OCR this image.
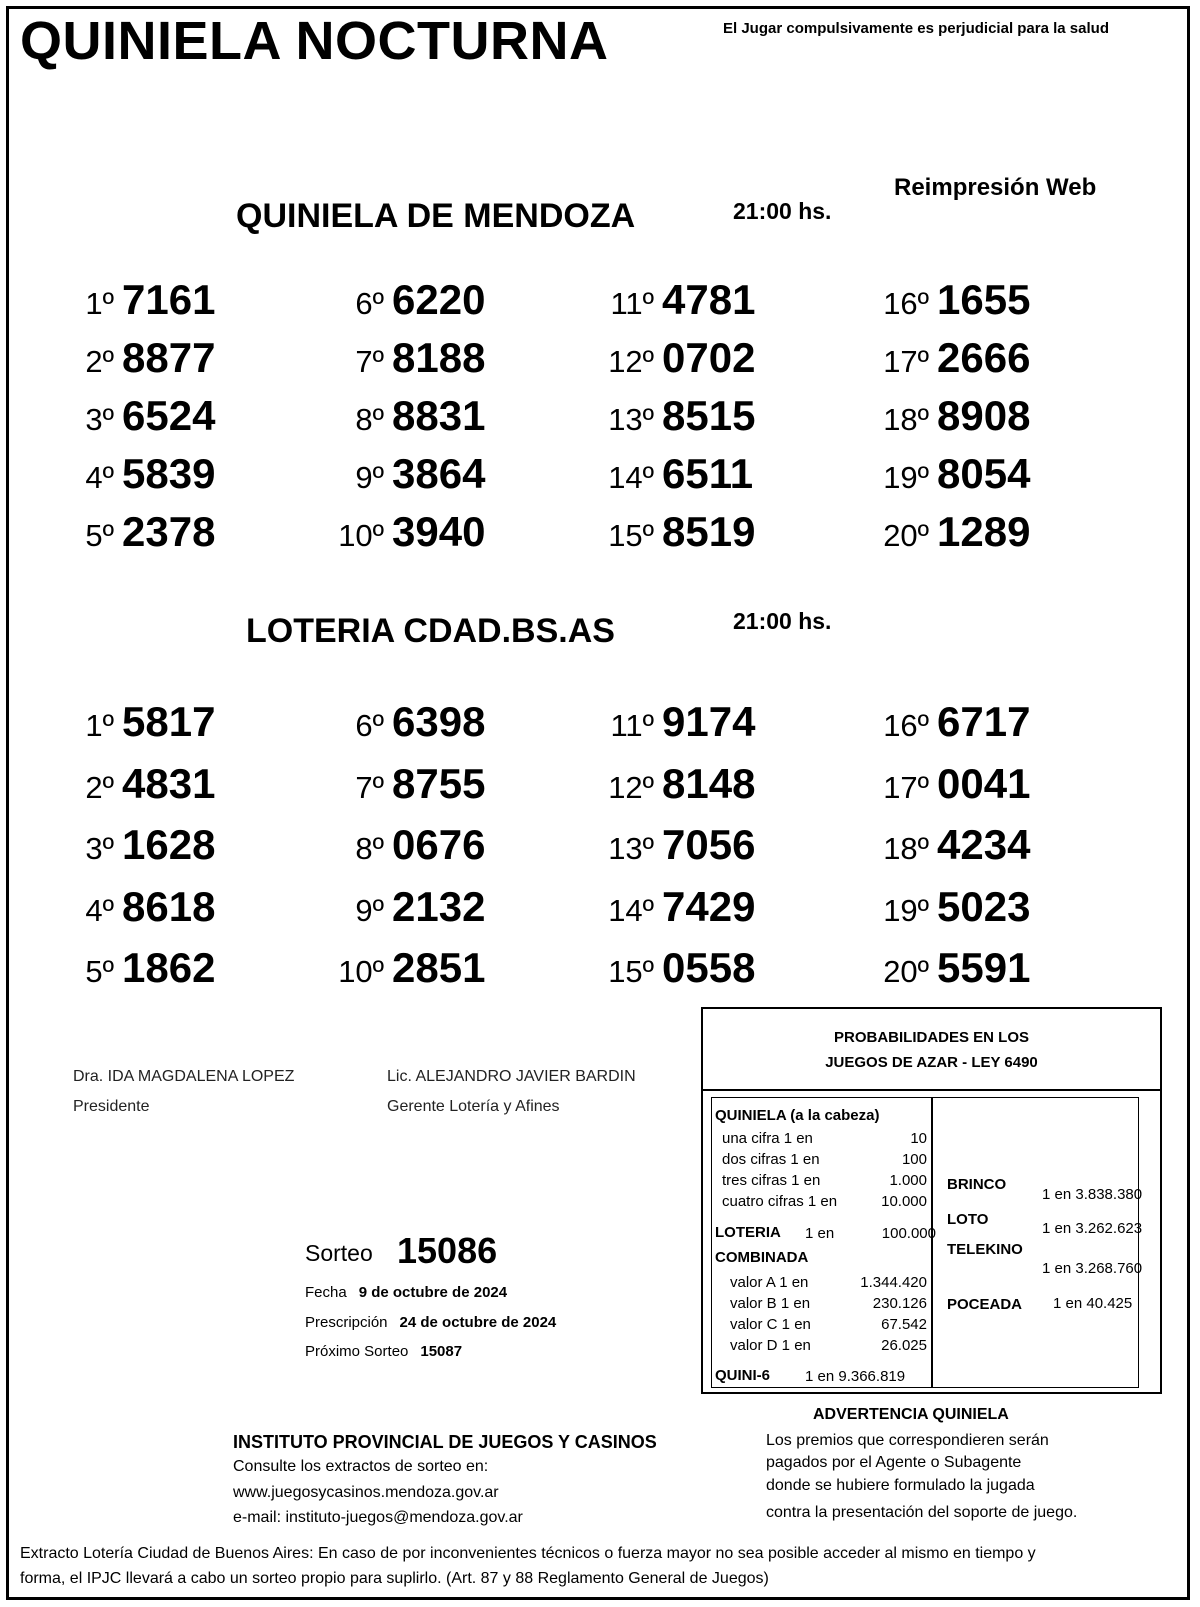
QUINIELA NOCTURNA	El Jugar compulsivamente es perjudicial para la salud
Reimpresión Web
QUINIELA DE MENDOZA	21:00 hs.
1º 7161
2º 8877
3º 6524
4º 5839
5º 2378
6º 6220
7º 8188
8º 8831
9º 3864
10º 3940
11º 4781
12º 0702
13º 8515
14º 6511
15º 8519
16º 1655
17º 2666
18º 8908
19º 8054
20º 1289
LOTERIA CDAD.BS.AS	21:00 hs.
1º 5817
2º 4831
3º 1628
4º 8618
5º 1862
6º 6398
7º 8755
8º 0676
9º 2132
10º 2851
11º 9174
12º 8148
13º 7056
14º 7429
15º 0558
16º 6717
17º 0041
18º 4234
19º 5023
20º 5591
Dra. IDA MAGDALENA LOPEZ
Presidente
Lic. ALEJANDRO JAVIER BARDIN
Gerente Lotería y Afines
Sorteo 15086
Fecha 9 de octubre de 2024
Prescripción 24 de octubre de 2024
Próximo Sorteo 15087
PROBABILIDADES EN LOS
JUEGOS DE AZAR - LEY 6490
QUINIELA (a la cabeza)
una cifra 1 en	10
dos cifras 1 en	100
tres cifras 1 en	1.000
cuatro cifras 1 en	10.000
LOTERIA 1 en	100.000
COMBINADA
valor A 1 en	1.344.420
valor B 1 en	230.126
valor C 1 en	67.542
valor D 1 en	26.025
QUINI-6 1 en 9.366.819
BRINCO
1 en 3.838.380
LOTO
1 en 3.262.623
TELEKINO
1 en 3.268.760
POCEADA 1 en 40.425
INSTITUTO PROVINCIAL DE JUEGOS Y CASINOS
Consulte los extractos de sorteo en:
www.juegosycasinos.mendoza.gov.ar
e-mail: instituto-juegos@mendoza.gov.ar
ADVERTENCIA QUINIELA
Los premios que correspondieren serán
pagados por el Agente o Subagente
donde se hubiere formulado la jugada
contra la presentación del soporte de juego.
Extracto Lotería Ciudad de Buenos Aires: En caso de por inconvenientes técnicos o fuerza mayor no sea posible acceder al mismo en tiempo y
forma, el IPJC llevará a cabo un sorteo propio para suplirlo. (Art. 87 y 88 Reglamento General de Juegos)
